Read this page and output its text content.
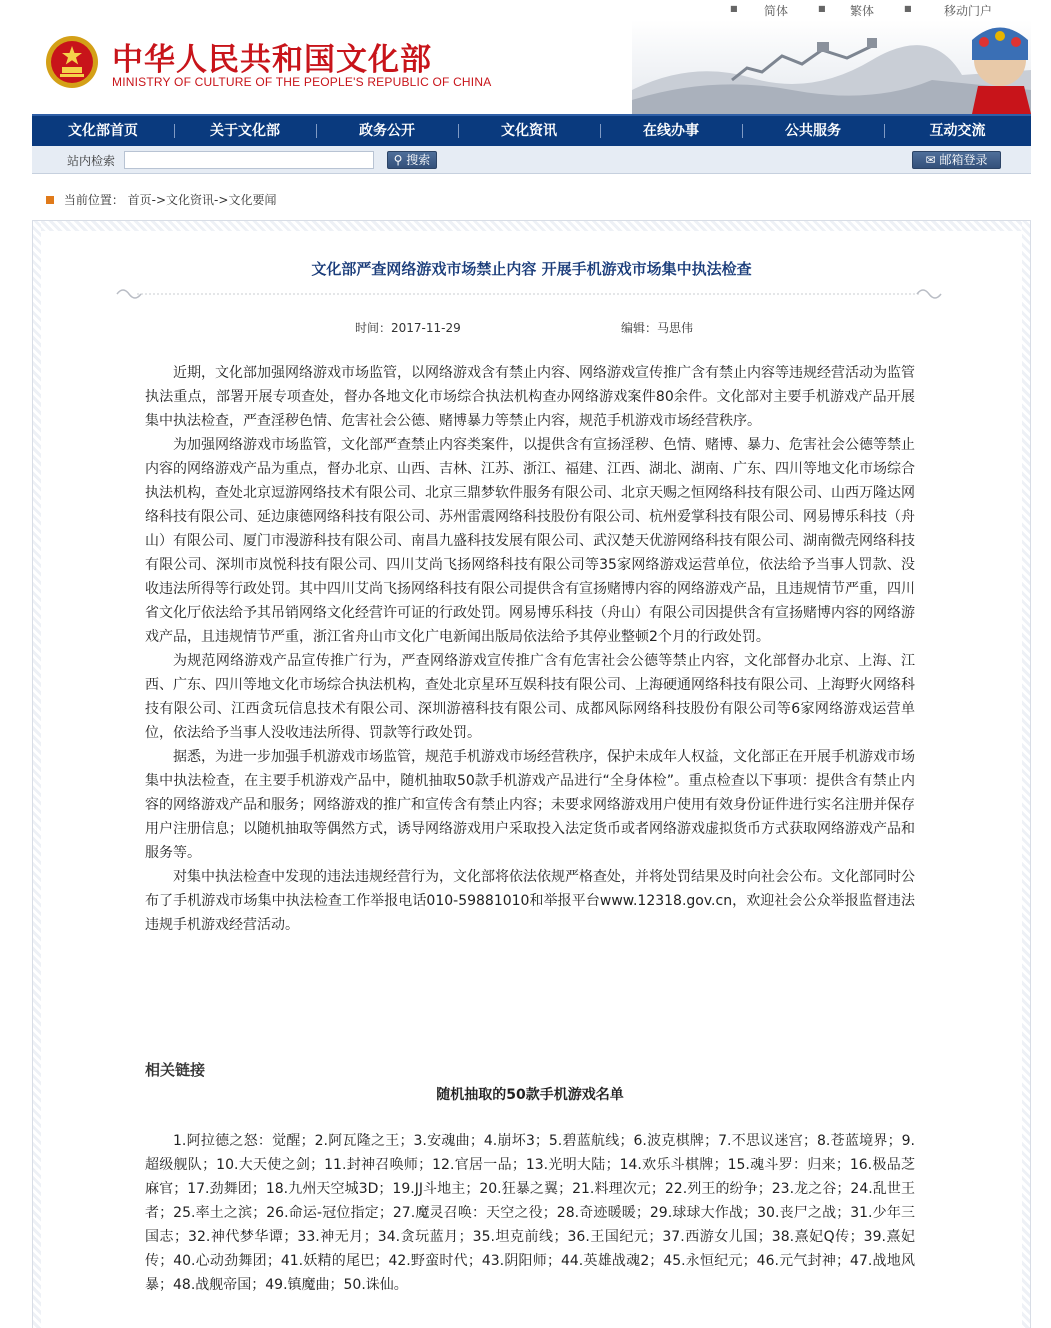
■ 简体	■ 繁体	■	移动门户
中华人民共和国文化部
MINISTRY OF CULTURE OF THE PEOPLE'S REPUBLIC OF CHINA
文化部首页	关于文化部	政务公开	文化资讯	在线办事	公共服务	互动交流
站内检索	⚲ 搜索	✉ 邮箱登录
当前位置： 首页->文化资讯->文化要闻
文化部严查网络游戏市场禁止内容 开展手机游戏市场集中执法检查
时间：2017-11-29	编辑：马思伟

近期，文化部加强网络游戏市场监管，以网络游戏含有禁止内容、网络游戏宣传推广含有禁止内容等违规经营活动为监管执法重点，部署开展专项查处，督办各地文化市场综合执法机构查办网络游戏案件80余件。文化部对主要手机游戏产品开展集中执法检查，严查淫秽色情、危害社会公德、赌博暴力等禁止内容，规范手机游戏市场经营秩序。

为加强网络游戏市场监管，文化部严查禁止内容类案件，以提供含有宣扬淫秽、色情、赌博、暴力、危害社会公德等禁止内容的网络游戏产品为重点，督办北京、山西、吉林、江苏、浙江、福建、江西、湖北、湖南、广东、四川等地文化市场综合执法机构，查处北京逗游网络技术有限公司、北京三鼎梦软件服务有限公司、北京天赐之恒网络科技有限公司、山西万隆达网络科技有限公司、延边康德网络科技有限公司、苏州雷震网络科技股份有限公司、杭州爱掌科技有限公司、网易博乐科技（舟山）有限公司、厦门市漫游科技有限公司、南昌九盛科技发展有限公司、武汉楚天优游网络科技有限公司、湖南微壳网络科技有限公司、深圳市岚悦科技有限公司、四川艾尚飞扬网络科技有限公司等35家网络游戏运营单位，依法给予当事人罚款、没收违法所得等行政处罚。其中四川艾尚飞扬网络科技有限公司提供含有宣扬赌博内容的网络游戏产品，且违规情节严重，四川省文化厅依法给予其吊销网络文化经营许可证的行政处罚。网易博乐科技（舟山）有限公司因提供含有宣扬赌博内容的网络游戏产品，且违规情节严重，浙江省舟山市文化广电新闻出版局依法给予其停业整顿2个月的行政处罚。

为规范网络游戏产品宣传推广行为，严查网络游戏宣传推广含有危害社会公德等禁止内容，文化部督办北京、上海、江西、广东、四川等地文化市场综合执法机构，查处北京星环互娱科技有限公司、上海硬通网络科技有限公司、上海野火网络科技有限公司、江西贪玩信息技术有限公司、深圳游禧科技有限公司、成都风际网络科技股份有限公司等6家网络游戏运营单位，依法给予当事人没收违法所得、罚款等行政处罚。

据悉，为进一步加强手机游戏市场监管，规范手机游戏市场经营秩序，保护未成年人权益，文化部正在开展手机游戏市场集中执法检查，在主要手机游戏产品中，随机抽取50款手机游戏产品进行“全身体检”。重点检查以下事项：提供含有禁止内容的网络游戏产品和服务；网络游戏的推广和宣传含有禁止内容；未要求网络游戏用户使用有效身份证件进行实名注册并保存用户注册信息；以随机抽取等偶然方式，诱导网络游戏用户采取投入法定货币或者网络游戏虚拟货币方式获取网络游戏产品和服务等。

对集中执法检查中发现的违法违规经营行为，文化部将依法依规严格查处，并将处罚结果及时向社会公布。文化部同时公布了手机游戏市场集中执法检查工作举报电话010-59881010和举报平台www.12318.gov.cn，欢迎社会公众举报监督违法违规手机游戏经营活动。

相关链接
随机抽取的50款手机游戏名单
1.阿拉德之怒：觉醒；2.阿瓦隆之王；3.安魂曲；4.崩坏3；5.碧蓝航线；6.波克棋牌；7.不思议迷宫；8.苍蓝境界；9.超级舰队；10.大天使之剑；11.封神召唤师；12.官居一品；13.光明大陆；14.欢乐斗棋牌；15.魂斗罗：归来；16.极品芝麻官；17.劲舞团；18.九州天空城3D；19.JJ斗地主；20.狂暴之翼；21.料理次元；22.列王的纷争；23.龙之谷；24.乱世王者；25.率土之滨；26.命运-冠位指定；27.魔灵召唤：天空之役；28.奇迹暖暖；29.球球大作战；30.丧尸之战；31.少年三国志；32.神代梦华谭；33.神无月；34.贪玩蓝月；35.坦克前线；36.王国纪元；37.西游女儿国；38.熹妃Q传；39.熹妃传；40.心动劲舞团；41.妖精的尾巴；42.野蛮时代；43.阴阳师；44.英雄战魂2；45.永恒纪元；46.元气封神；47.战地风暴；48.战舰帝国；49.镇魔曲；50.诛仙。
